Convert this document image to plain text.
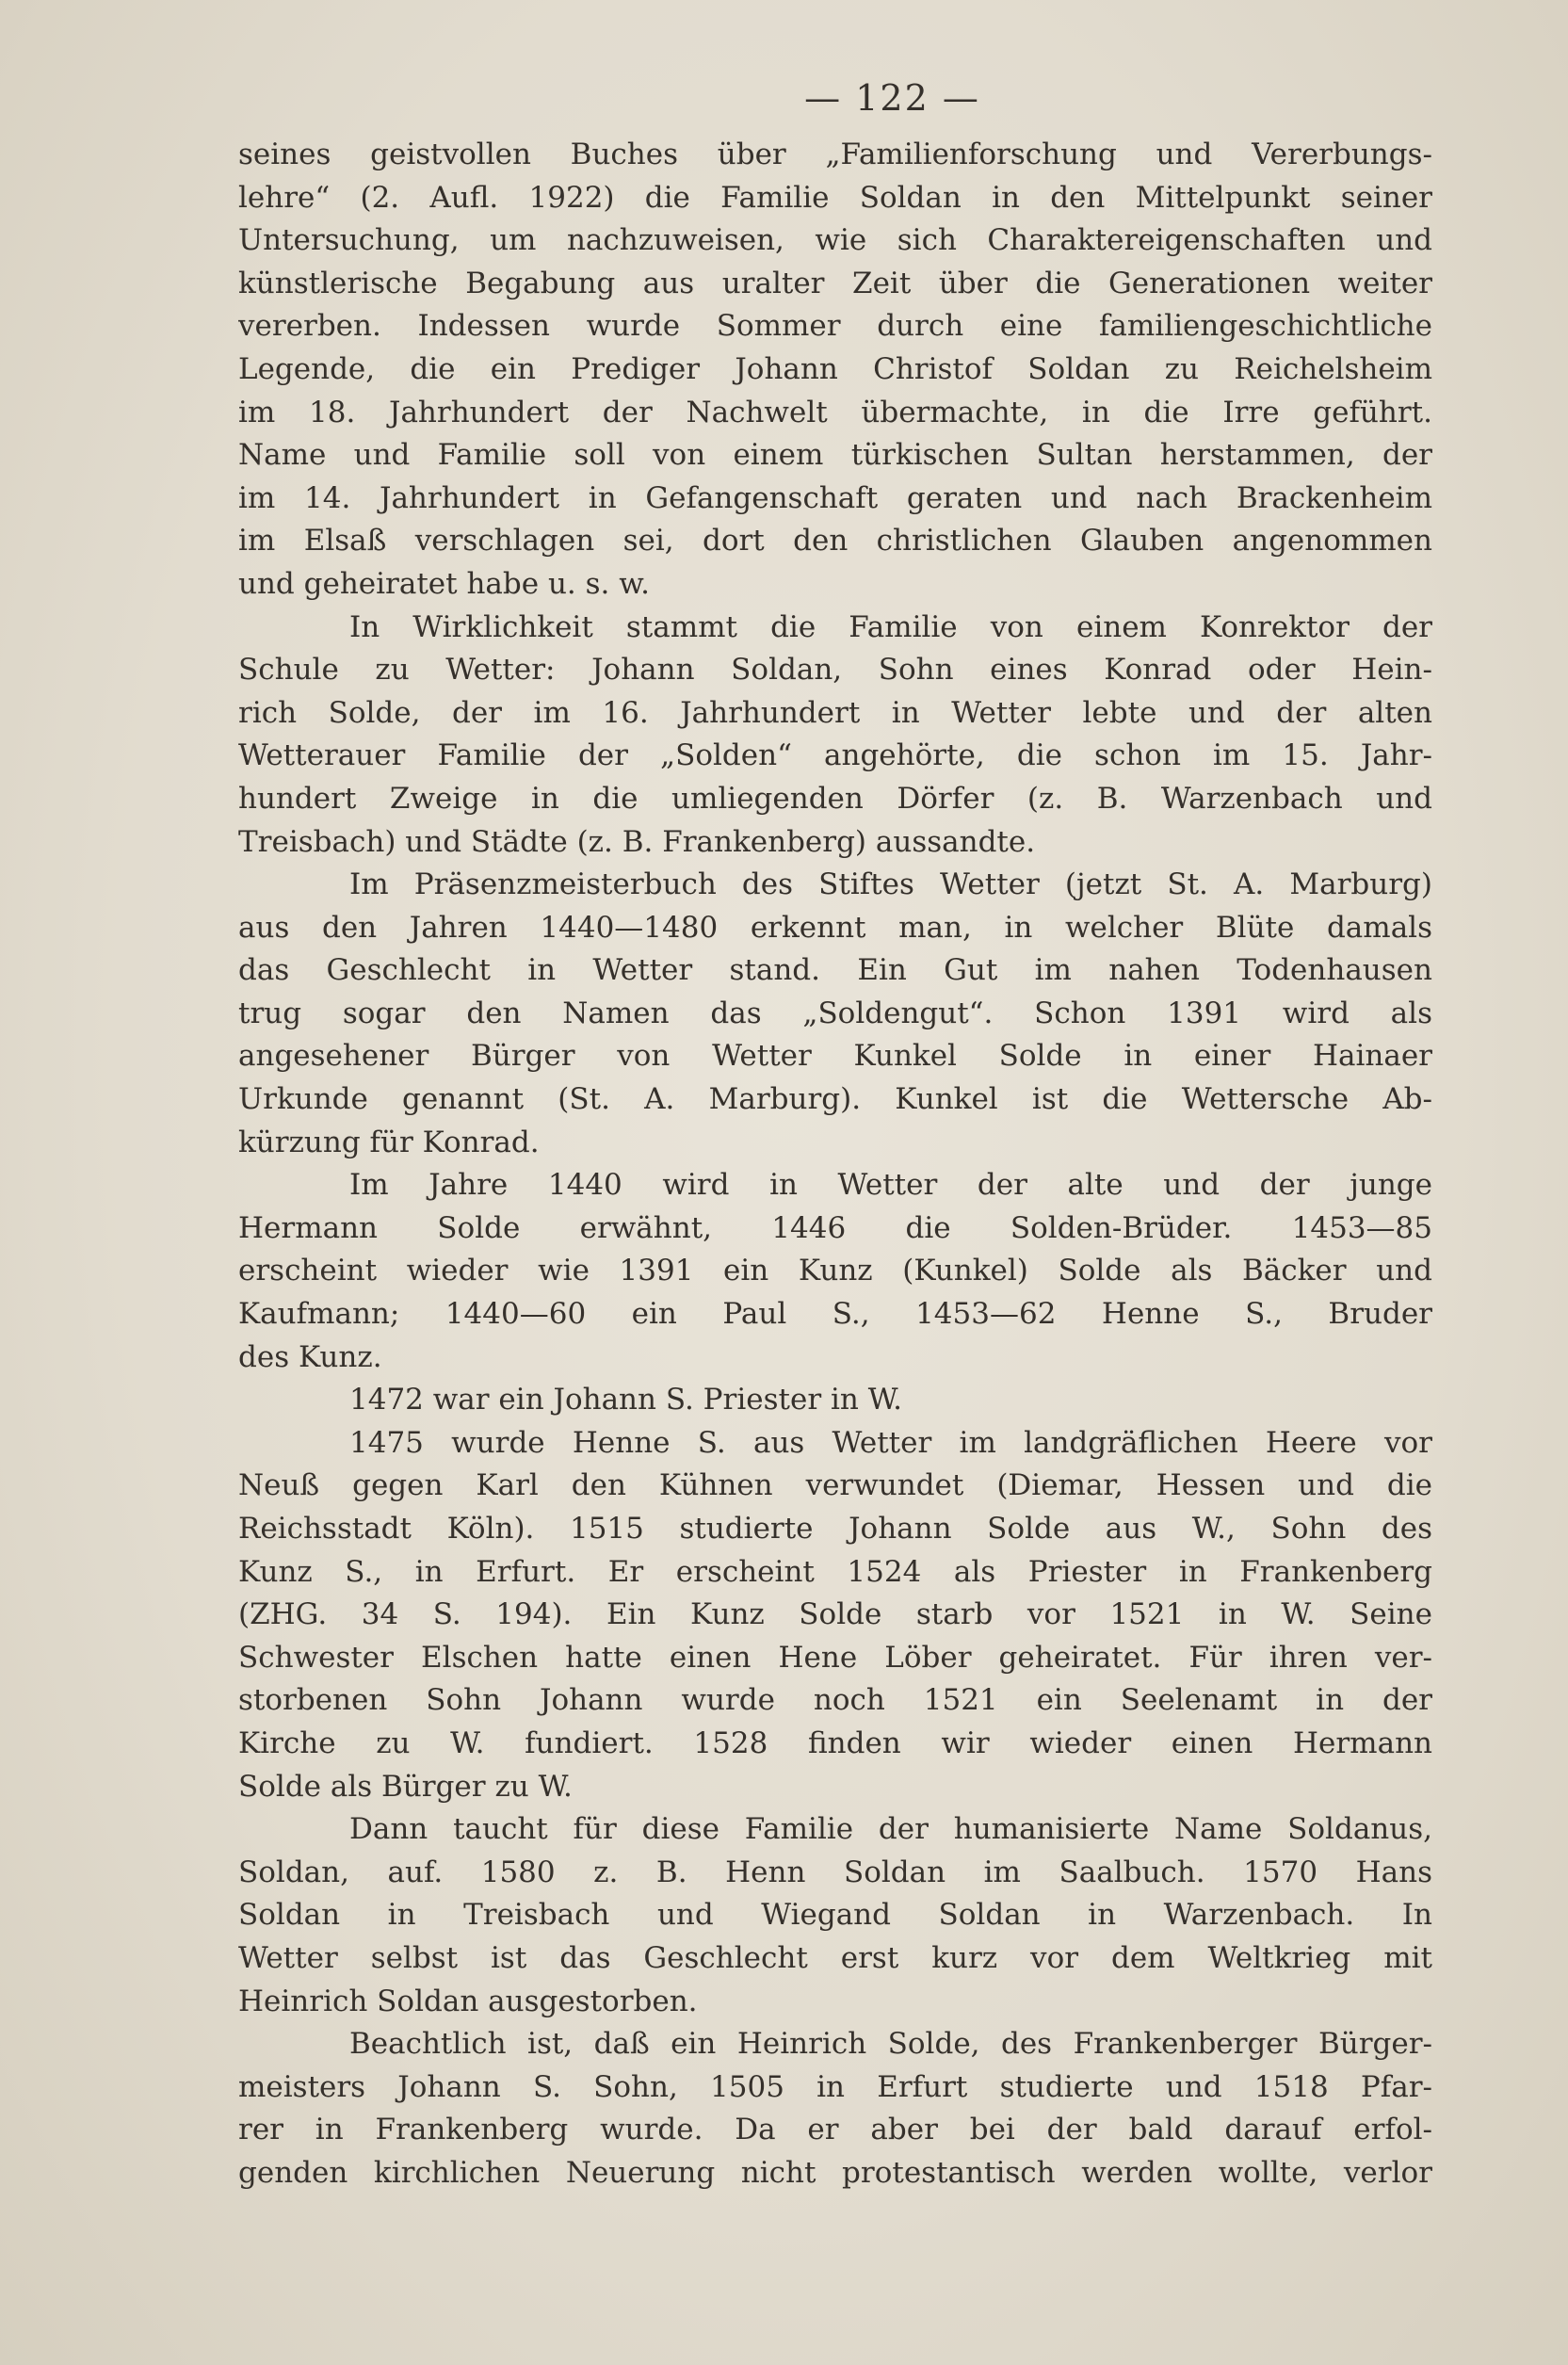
— 122 —
seines geistvollen Buches über „Familienforschung und Vererbungs-
lehre“ (2. Aufl. 1922) die Familie Soldan in den Mittelpunkt seiner
Untersuchung, um nachzuweisen, wie sich Charaktereigenschaften und
künstlerische Begabung aus uralter Zeit über die Generationen weiter
vererben. Indessen wurde Sommer durch eine familiengeschichtliche
Legende, die ein Prediger Johann Christof Soldan zu Reichelsheim
im 18. Jahrhundert der Nachwelt übermachte, in die Irre geführt.
Name und Familie soll von einem türkischen Sultan herstammen, der
im 14. Jahrhundert in Gefangenschaft geraten und nach Brackenheim
im Elsaß verschlagen sei, dort den christlichen Glauben angenommen
und geheiratet habe u. s. w.
In Wirklichkeit stammt die Familie von einem Konrektor der
Schule zu Wetter: Johann Soldan, Sohn eines Konrad oder Hein-
rich Solde, der im 16. Jahrhundert in Wetter lebte und der alten
Wetterauer Familie der „Solden“ angehörte, die schon im 15. Jahr-
hundert Zweige in die umliegenden Dörfer (z. B. Warzenbach und
Treisbach) und Städte (z. B. Frankenberg) aussandte.
Im Präsenzmeisterbuch des Stiftes Wetter (jetzt St. A. Marburg)
aus den Jahren 1440—1480 erkennt man, in welcher Blüte damals
das Geschlecht in Wetter stand. Ein Gut im nahen Todenhausen
trug sogar den Namen das „Soldengut“. Schon 1391 wird als
angesehener Bürger von Wetter Kunkel Solde in einer Hainaer
Urkunde genannt (St. A. Marburg). Kunkel ist die Wettersche Ab-
kürzung für Konrad.
Im Jahre 1440 wird in Wetter der alte und der junge
Hermann Solde erwähnt, 1446 die Solden-Brüder. 1453—85
erscheint wieder wie 1391 ein Kunz (Kunkel) Solde als Bäcker und
Kaufmann; 1440—60 ein Paul S., 1453—62 Henne S., Bruder
des Kunz.
1472 war ein Johann S. Priester in W.
1475 wurde Henne S. aus Wetter im landgräflichen Heere vor
Neuß gegen Karl den Kühnen verwundet (Diemar, Hessen und die
Reichsstadt Köln). 1515 studierte Johann Solde aus W., Sohn des
Kunz S., in Erfurt. Er erscheint 1524 als Priester in Frankenberg
(ZHG. 34 S. 194). Ein Kunz Solde starb vor 1521 in W. Seine
Schwester Elschen hatte einen Hene Löber geheiratet. Für ihren ver-
storbenen Sohn Johann wurde noch 1521 ein Seelenamt in der
Kirche zu W. fundiert. 1528 finden wir wieder einen Hermann
Solde als Bürger zu W.
Dann taucht für diese Familie der humanisierte Name Soldanus,
Soldan, auf. 1580 z. B. Henn Soldan im Saalbuch. 1570 Hans
Soldan in Treisbach und Wiegand Soldan in Warzenbach. In
Wetter selbst ist das Geschlecht erst kurz vor dem Weltkrieg mit
Heinrich Soldan ausgestorben.
Beachtlich ist, daß ein Heinrich Solde, des Frankenberger Bürger-
meisters Johann S. Sohn, 1505 in Erfurt studierte und 1518 Pfar-
rer in Frankenberg wurde. Da er aber bei der bald darauf erfol-
genden kirchlichen Neuerung nicht protestantisch werden wollte, verlor
